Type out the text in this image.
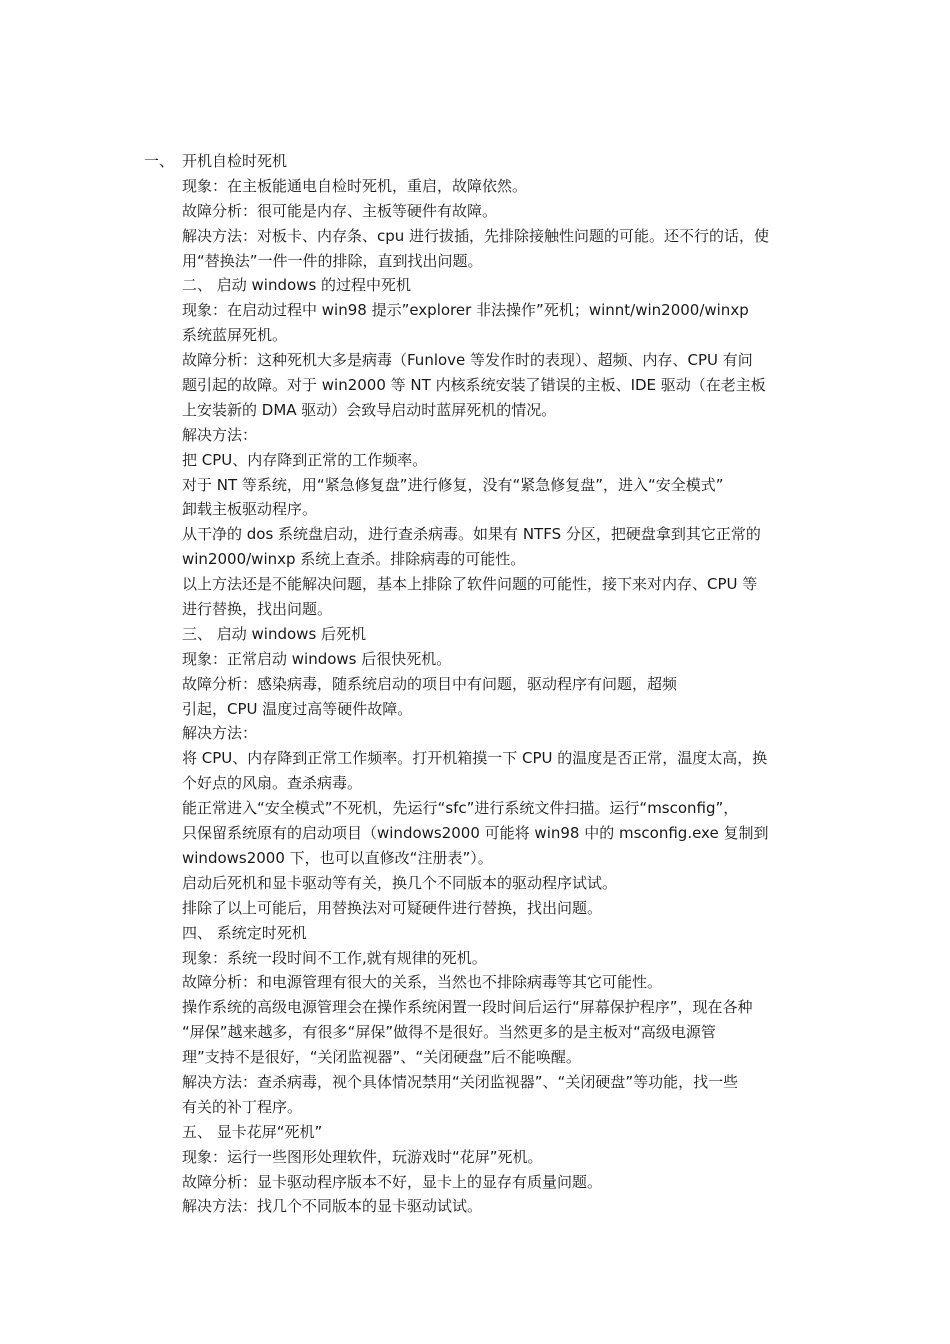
一、 开机自检时死机
现象：在主板能通电自检时死机，重启，故障依然。
故障分析：很可能是内存、主板等硬件有故障。
解决方法：对板卡、内存条、cpu 进行拔插，先排除接触性问题的可能。还不行的话，使
用“替换法”一件一件的排除，直到找出问题。
二、 启动 windows 的过程中死机
现象：在启动过程中 win98 提示”explorer 非法操作”死机；winnt/win2000/winxp
系统蓝屏死机。
故障分析：这种死机大多是病毒（Funlove 等发作时的表现）、超频、内存、CPU 有问
题引起的故障。对于 win2000 等 NT 内核系统安装了错误的主板、IDE 驱动（在老主板
上安装新的 DMA 驱动）会致导启动时蓝屏死机的情况。
解决方法：
把 CPU、内存降到正常的工作频率。
对于 NT 等系统，用“紧急修复盘”进行修复，没有“紧急修复盘”，进入“安全模式”
卸载主板驱动程序。
从干净的 dos 系统盘启动，进行查杀病毒。如果有 NTFS 分区，把硬盘拿到其它正常的
win2000/winxp 系统上查杀。排除病毒的可能性。
以上方法还是不能解决问题，基本上排除了软件问题的可能性，接下来对内存、CPU 等
进行替换，找出问题。
三、 启动 windows 后死机
现象：正常启动 windows 后很快死机。
故障分析：感染病毒，随系统启动的项目中有问题，驱动程序有问题，超频
引起，CPU 温度过高等硬件故障。
解决方法：
将 CPU、内存降到正常工作频率。打开机箱摸一下 CPU 的温度是否正常，温度太高，换
个好点的风扇。查杀病毒。
能正常进入“安全模式”不死机，先运行“sfc”进行系统文件扫描。运行“msconfig”，
只保留系统原有的启动项目（windows2000 可能将 win98 中的 msconfig.exe 复制到
windows2000 下，也可以直修改“注册表”）。
启动后死机和显卡驱动等有关，换几个不同版本的驱动程序试试。
排除了以上可能后，用替换法对可疑硬件进行替换，找出问题。
四、 系统定时死机
现象：系统一段时间不工作,就有规律的死机。
故障分析：和电源管理有很大的关系，当然也不排除病毒等其它可能性。
操作系统的高级电源管理会在操作系统闲置一段时间后运行“屏幕保护程序”，现在各种
“屏保”越来越多，有很多“屏保”做得不是很好。当然更多的是主板对“高级电源管
理”支持不是很好，“关闭监视器”、“关闭硬盘”后不能唤醒。
解决方法：查杀病毒，视个具体情况禁用“关闭监视器”、“关闭硬盘”等功能，找一些
有关的补丁程序。
五、 显卡花屏“死机”
现象：运行一些图形处理软件，玩游戏时“花屏”死机。
故障分析：显卡驱动程序版本不好，显卡上的显存有质量问题。
解决方法：找几个不同版本的显卡驱动试试。
